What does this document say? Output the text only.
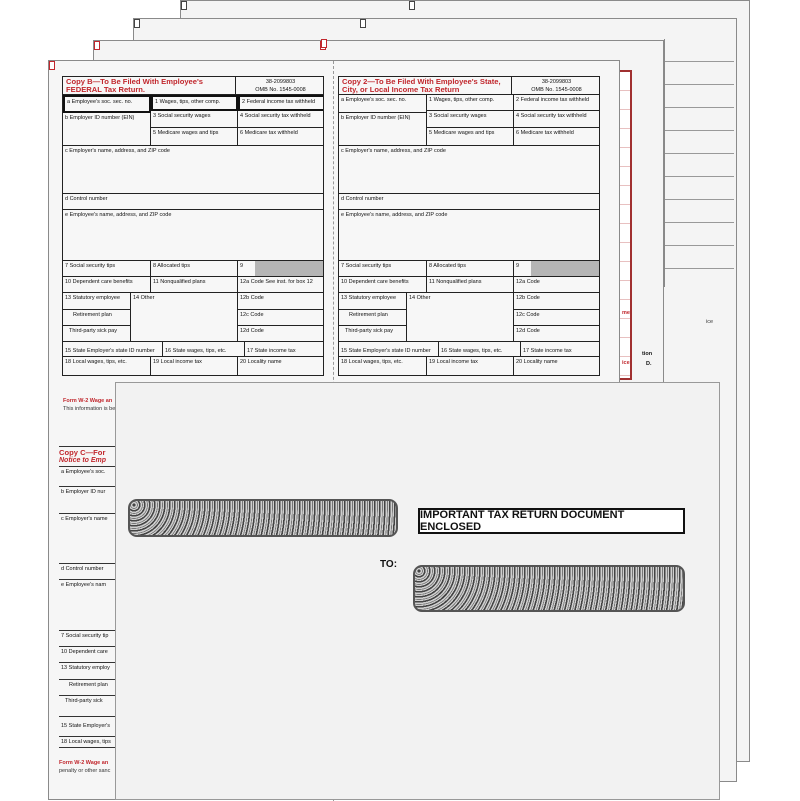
ice
tion
D.
me
ice
Copy B—To Be Filed With Employee's FEDERAL Tax Return.
38-2099803
OMB No. 1545-0008
a Employee's soc. sec. no.	1 Wages, tips, other comp.	2 Federal income tax withheld
b Employer ID number (EIN)	3 Social security wages	4 Social security tax withheld
5 Medicare wages and tips	6 Medicare tax withheld
c Employer's name, address, and ZIP code
d Control number
e Employee's name, address, and ZIP code
7 Social security tips	8 Allocated tips	9
10 Dependent care benefits	11 Nonqualified plans	12a Code See inst. for box 12
13 Statutory employee	14 Other	12b Code
Retirement plan	12c Code
Third-party sick pay	12d Code
15 State Employer's state ID number	16 State wages, tips, etc.	17 State income tax
18 Local wages, tips, etc.	19 Local income tax	20 Locality name
Form W-2 Wage an
This information is be
Copy 2—To Be Filed With Employee's State, City, or Local Income Tax Return
38-2099803
OMB No. 1545-0008
a Employee's soc. sec. no.	1 Wages, tips, other comp.	2 Federal income tax withheld
b Employer ID number (EIN)	3 Social security wages	4 Social security tax withheld
5 Medicare wages and tips	6 Medicare tax withheld
c Employer's name, address, and ZIP code
d Control number
e Employee's name, address, and ZIP code
7 Social security tips	8 Allocated tips	9
10 Dependent care benefits	11 Nonqualified plans	12a Code
13 Statutory employee	14 Other	12b Code
Retirement plan	12c Code
Third-party sick pay	12d Code
15 State Employer's state ID number	16 State wages, tips, etc.	17 State income tax
18 Local wages, tips, etc.	19 Local income tax	20 Locality name
Copy C—For
Notice to Emp
a Employee's soc.
b Employer ID nur
c Employer's name
d Control number
e Employee's nam
7 Social security tip
10 Dependent care
13 Statutory employ
Retirement plan
Third-party sick
15 State Employer's
18 Local wages, tips
Form W-2 Wage an
penalty or other sanc
IMPORTANT TAX RETURN DOCUMENT ENCLOSED
TO:
